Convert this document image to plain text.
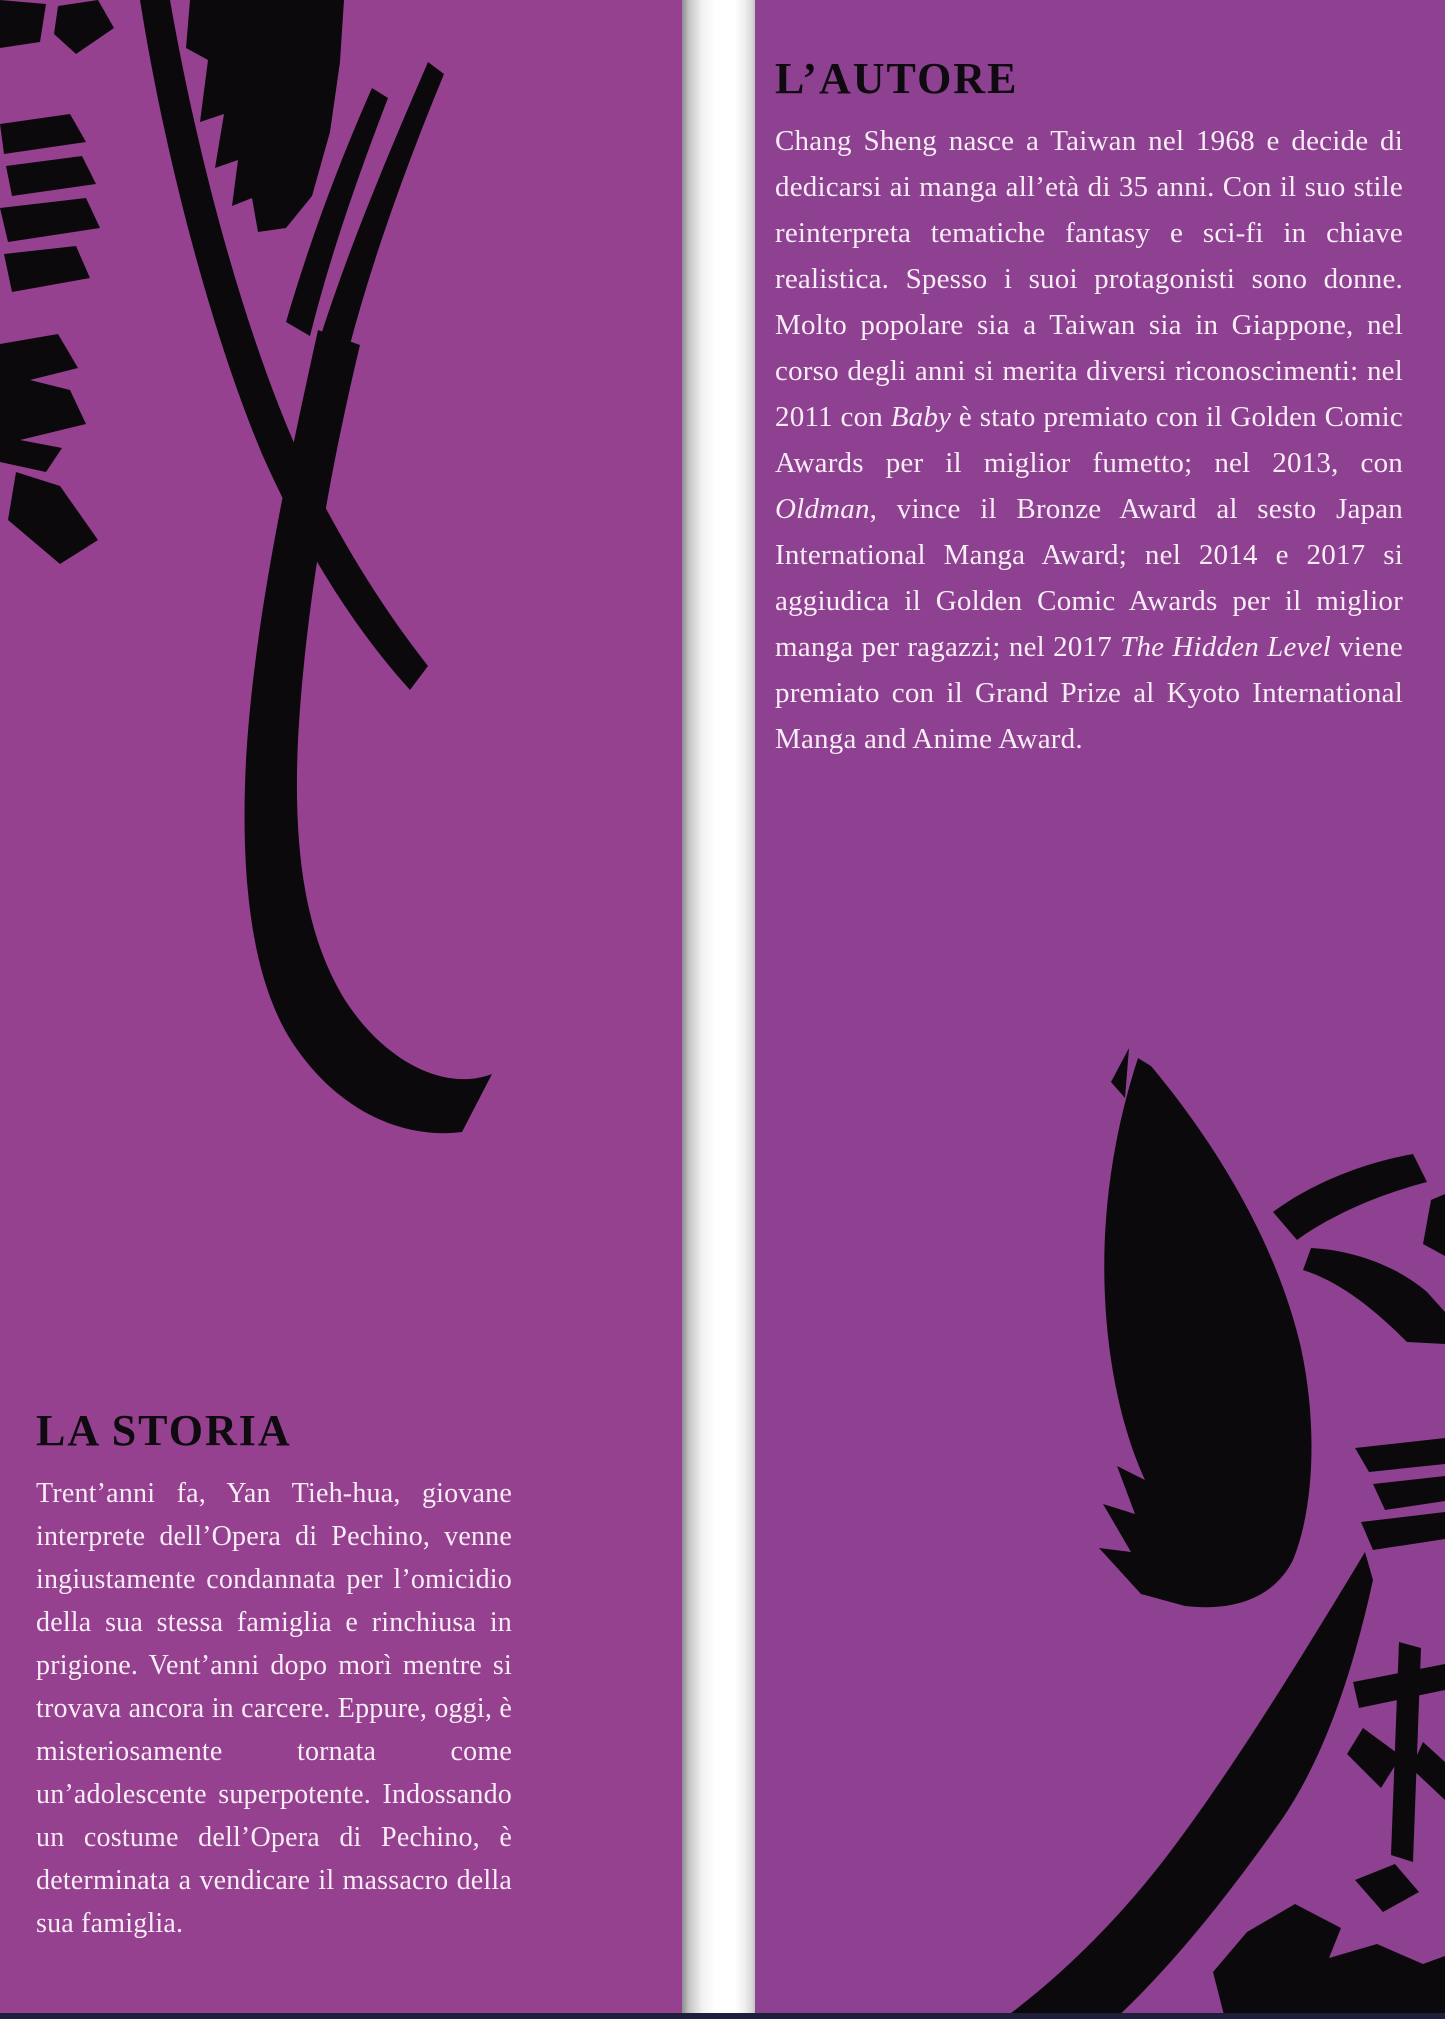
LA STORIA

Trent’anni fa, Yan Tieh-hua, giovane interprete dell’Opera di Pechino, venne ingiustamente condannata per l’omicidio della sua stessa famiglia e rinchiusa in prigione. Vent’anni dopo morì mentre si trovava ancora in carcere. Eppure, oggi, è misteriosamente tornata come un’adolescente superpotente. Indossando un costume dell’Opera di Pechino, è determinata a vendicare il massacro della sua famiglia.

L’AUTORE

Chang Sheng nasce a Taiwan nel 1968 e decide di dedicarsi ai manga all’età di 35 anni. Con il suo stile reinterpreta tematiche fantasy e sci-fi in chiave realistica. Spesso i suoi protagonisti sono donne. Molto popolare sia a Taiwan sia in Giappone, nel corso degli anni si merita diversi riconoscimenti: nel 2011 con Baby è stato premiato con il Golden Comic Awards per il miglior fumetto; nel 2013, con Oldman, vince il Bronze Award al sesto Japan International Manga Award; nel 2014 e 2017 si aggiudica il Golden Comic Awards per il miglior manga per ragazzi; nel 2017 The Hidden Level viene premiato con il Grand Prize al Kyoto International Manga and Anime Award.
